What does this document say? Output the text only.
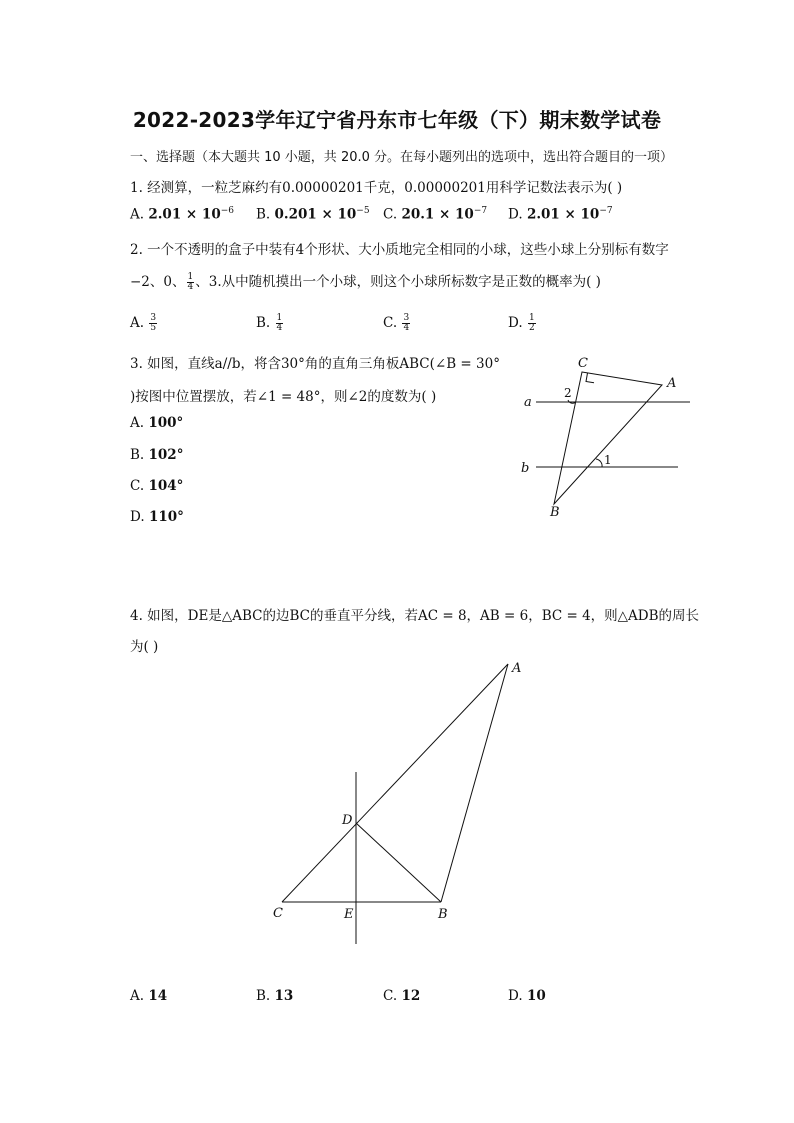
2022-2023学年辽宁省丹东市七年级（下）期末数学试卷
一、选择题（本大题共 10 小题，共 20.0 分。在每小题列出的选项中，选出符合题目的一项）
1. 经测算，一粒芝麻约有0.00000201千克，0.00000201用科学记数法表示为( )
A. $2.01 \times 10^{-6}$ B. $0.201 \times 10^{-5}$ C. $20.1 \times 10^{-7}$ D. $2.01 \times 10^{-7}$
2. 一个不透明的盒子中装有4个形状、大小质地完全相同的小球，这些小球上分别标有数字
−2、0、 $\frac{1}{4}$ 、3.从中随机摸出一个小球，则这个小球所标数字是正数的概率为( )
A. $\frac{3}{5}$	B. $\frac{1}{4}$	C. $\frac{3}{4}$	D. $\frac{1}{2}$
3. 如图，直线a//b，将含30°角的直角三角板ABC(∠B = 30°
)按图中位置摆放，若∠1 = 48°，则∠2的度数为( )
A. 100°
B. 102°
C. 104°
D. 110°
C
A
B
a
b
1
2
4. 如图，DE是△ABC的边BC的垂直平分线，若AC = 8，AB = 6，BC = 4，则△ADB的周长
为( )
A
B
C
D
E
A. 14	B. 13	C. 12	D. 10
